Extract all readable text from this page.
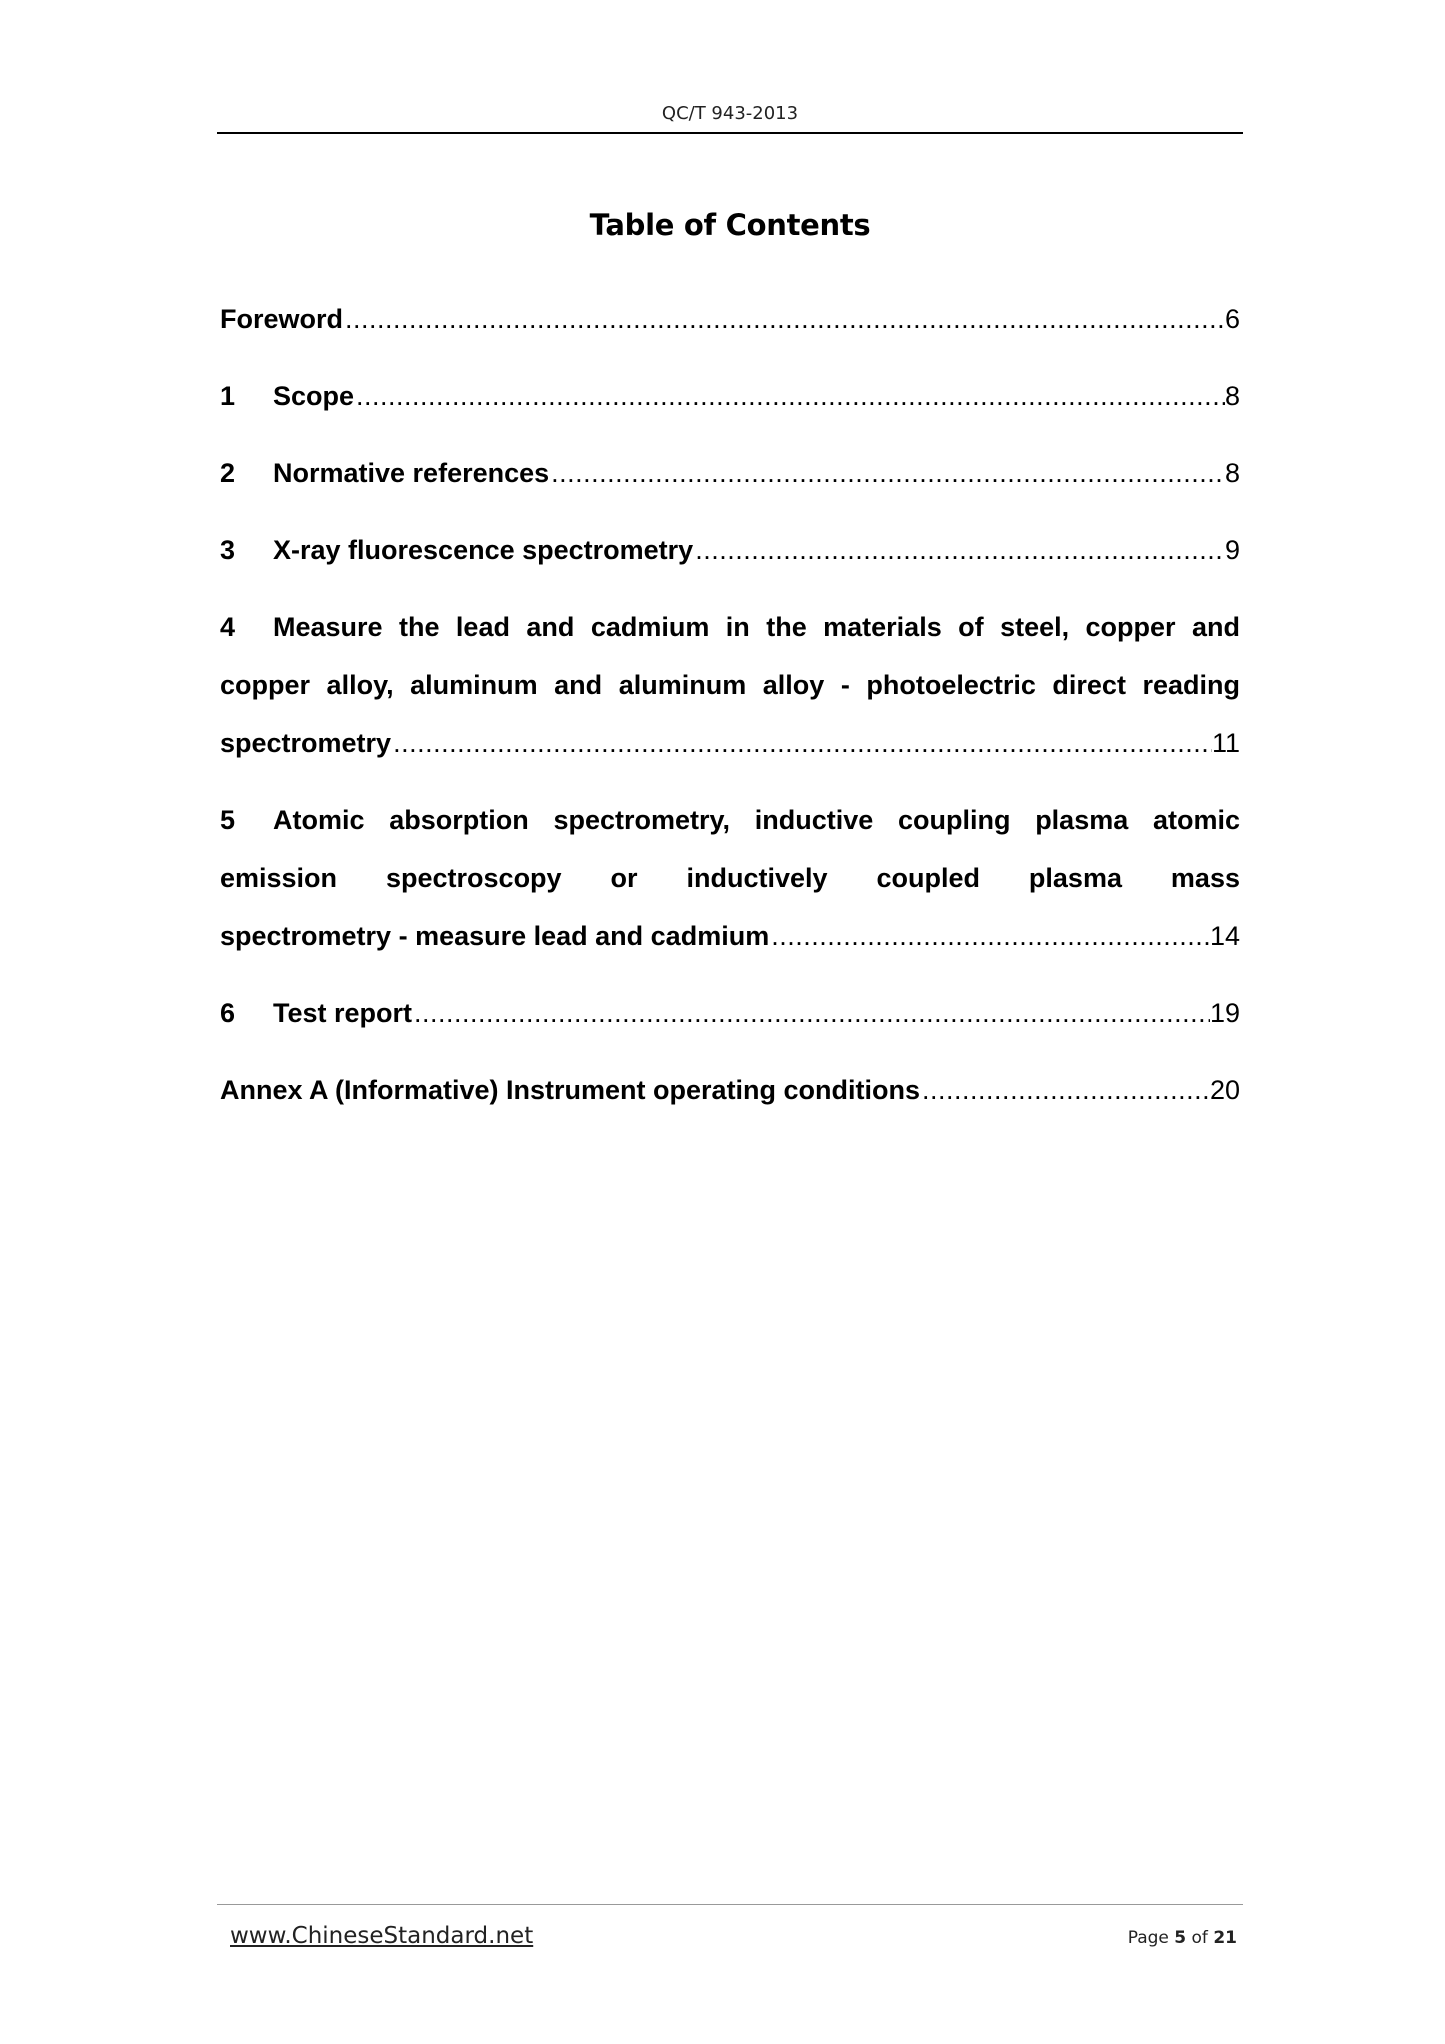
QC/T 943-2013
Table of Contents
Foreword .....	6
1 Scope .....	8
2 Normative references .....	8
3 X-ray fluorescence spectrometry .....	9
4 Measure the lead and cadmium in the materials of steel, copper and
copper alloy, aluminum and aluminum alloy - photoelectric direct reading
spectrometry .....	11
5 Atomic absorption spectrometry, inductive coupling plasma atomic
emission spectroscopy or inductively coupled plasma mass
spectrometry - measure lead and cadmium .....	14
6 Test report .....	19
Annex A (Informative) Instrument operating conditions .....	20
www.ChineseStandard.net	Page 5 of 21
